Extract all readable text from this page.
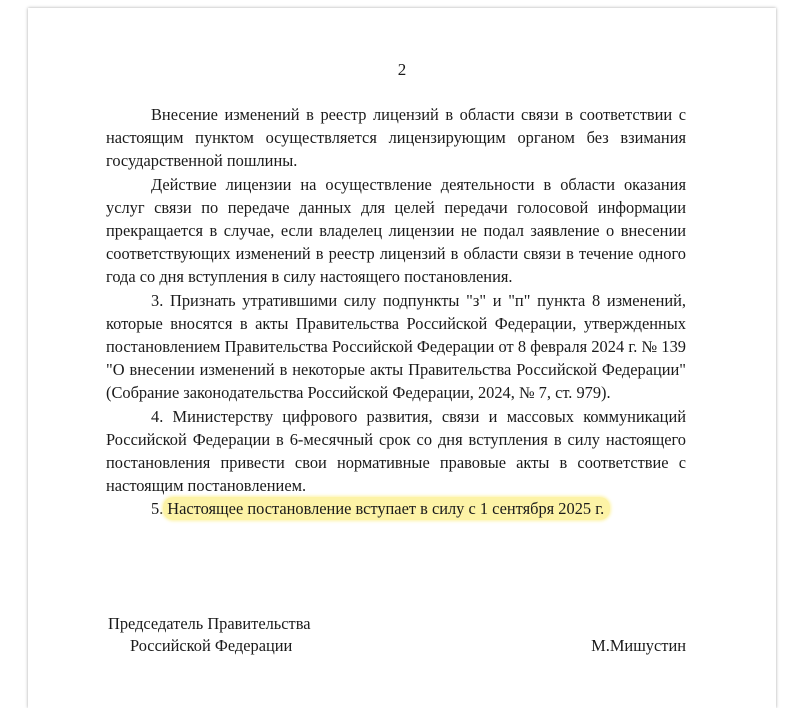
2

Внесение изменений в реестр лицензий в области связи в соответствии с настоящим пунктом осуществляется лицензирующим органом без взимания государственной пошлины.

Действие лицензии на осуществление деятельности в области оказания услуг связи по передаче данных для целей передачи голосовой информации прекращается в случае, если владелец лицензии не подал заявление о внесении соответствующих изменений в реестр лицензий в области связи в течение одного года со дня вступления в силу настоящего постановления.

3. Признать утратившими силу подпункты "з" и "п" пункта 8 изменений, которые вносятся в акты Правительства Российской Федерации, утвержденных постановлением Правительства Российской Федерации от 8 февраля 2024 г. № 139 "О внесении изменений в некоторые акты Правительства Российской Федерации" (Собрание законодательства Российской Федерации, 2024, № 7, ст. 979).

4. Министерству цифрового развития, связи и массовых коммуникаций Российской Федерации в 6-месячный срок со дня вступления в силу настоящего постановления привести свои нормативные правовые акты в соответствие с настоящим постановлением.

5. Настоящее постановление вступает в силу с 1 сентября 2025 г.

Председатель Правительства
Российской Федерации	М.Мишустин
